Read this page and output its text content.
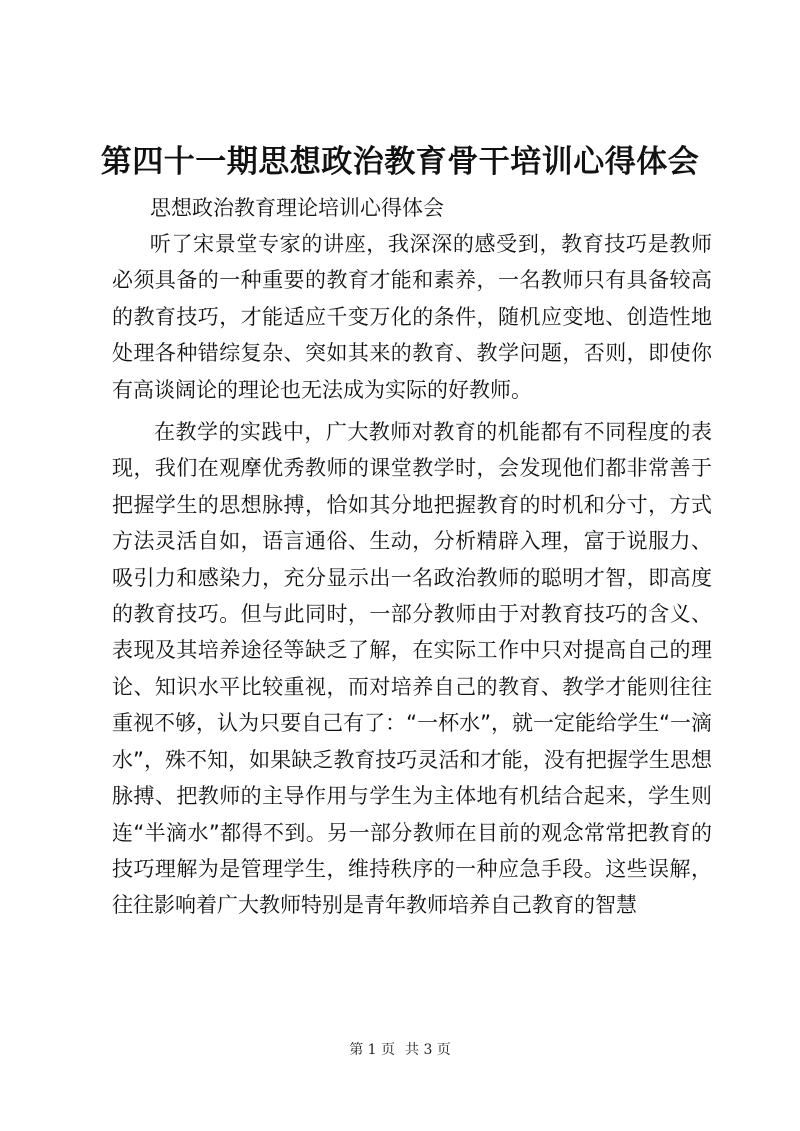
第四十一期思想政治教育骨干培训心得体会

思想政治教育理论培训心得体会

听了宋景堂专家的讲座，我深深的感受到，教育技巧是教师必须具备的一种重要的教育才能和素养，一名教师只有具备较高的教育技巧，才能适应千变万化的条件，随机应变地、创造性地处理各种错综复杂、突如其来的教育、教学问题，否则，即使你有高谈阔论的理论也无法成为实际的好教师。

在教学的实践中，广大教师对教育的机能都有不同程度的表现，我们在观摩优秀教师的课堂教学时，会发现他们都非常善于把握学生的思想脉搏，恰如其分地把握教育的时机和分寸，方式方法灵活自如，语言通俗、生动，分析精辟入理，富于说服力、吸引力和感染力，充分显示出一名政治教师的聪明才智，即高度的教育技巧。但与此同时，一部分教师由于对教育技巧的含义、表现及其培养途径等缺乏了解，在实际工作中只对提高自己的理论、知识水平比较重视，而对培养自己的教育、教学才能则往往重视不够，认为只要自己有了：“一杯水”，就一定能给学生“一滴水”，殊不知，如果缺乏教育技巧灵活和才能，没有把握学生思想脉搏、把教师的主导作用与学生为主体地有机结合起来，学生则连“半滴水”都得不到。另一部分教师在目前的观念常常把教育的技巧理解为是管理学生，维持秩序的一种应急手段。这些误解，往往影响着广大教师特别是青年教师培养自己教育的智慧

第 1 页 共 3 页
